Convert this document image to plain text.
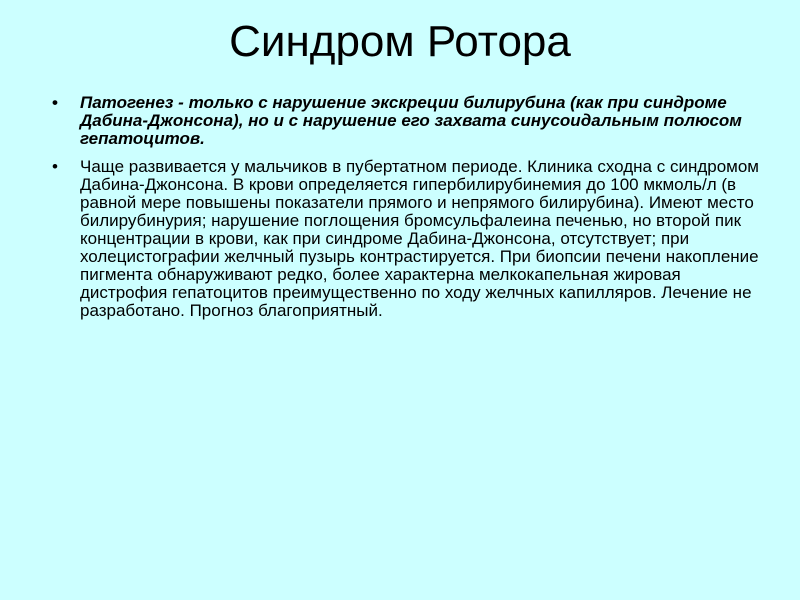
Синдром Ротора
• Патогенез - только с нарушение экскреции билирубина (как при синдроме Дабина-Джонсона), но и с нарушение его захвата синусоидальным полюсом гепатоцитов.
• Чаще развивается у мальчиков в пубертатном периоде. Клиника сходна с синдромом Дабина-Джонсона. В крови определяется гипербилирубинемия до 100 мкмоль/л (в равной мере повышены показатели прямого и непрямого билирубина). Имеют место билирубинурия; нарушение поглощения бромсульфалеина печенью, но второй пик концентрации в крови, как при синдроме Дабина-Джонсона, отсутствует; при холецистографии желчный пузырь контрастируется. При биопсии печени накопление пигмента обнаруживают редко, более характерна мелкокапельная жировая дистрофия гепатоцитов преимущественно по ходу желчных капилляров. Лечение не разработано. Прогноз благоприятный.
